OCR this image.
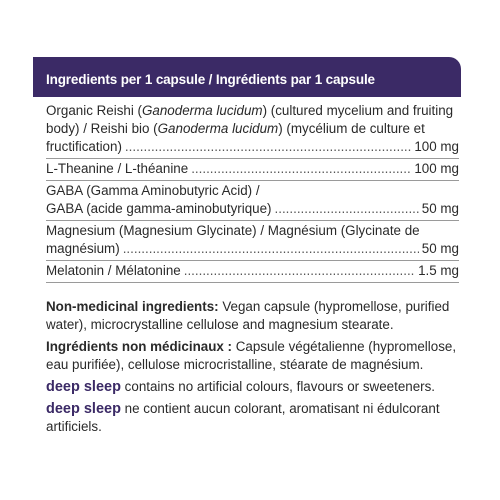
Ingredients per 1 capsule / Ingrédients par 1 capsule
Organic Reishi (Ganoderma lucidum) (cultured mycelium and fruiting
body) / Reishi bio (Ganoderma lucidum) (mycélium de culture et
fructification) .....	100 mg
L-Theanine / L-théanine .....	100 mg
GABA (Gamma Aminobutyric Acid) /
GABA (acide gamma-aminobutyrique) .....	50 mg
Magnesium (Magnesium Glycinate) / Magnésium (Glycinate de
magnésium) .....	50 mg
Melatonin / Mélatonine .....	1.5 mg
Non-medicinal ingredients: Vegan capsule (hypromellose, purified water), microcrystalline cellulose and magnesium stearate.
Ingrédients non médicinaux : Capsule végétalienne (hypromellose, eau purifiée), cellulose microcristalline, stéarate de magnésium.
deep sleep contains no artificial colours, flavours or sweeteners.
deep sleep ne contient aucun colorant, aromatisant ni édulcorant artificiels.
